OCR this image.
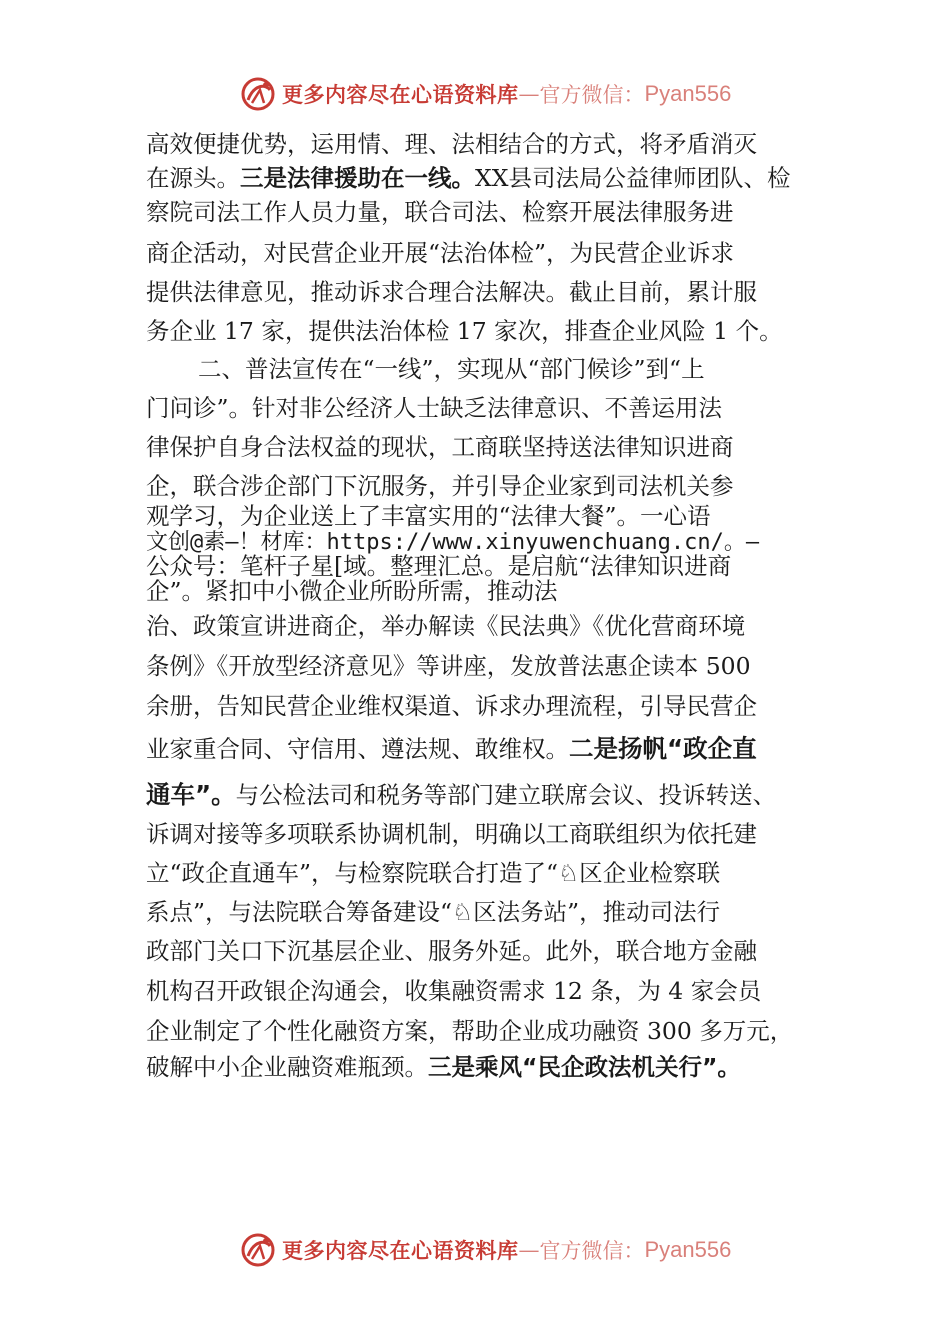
更多内容尽在心语资料库 — 官方微信： Pyan556
高效便捷优势，运用情、理、法相结合的方式，将矛盾消灭
在源头。三是法律援助在一线。XX县司法局公益律师团队、检
察院司法工作人员力量，联合司法、检察开展法律服务进
商企活动，对民营企业开展“法治体检”，为民营企业诉求
提供法律意见，推动诉求合理合法解决。截止目前，累计服
务企业 17 家，提供法治体检 17 家次，排查企业风险 1 个。
二、普法宣传在“一线”，实现从“部门候诊”到“上
门问诊”。针对非公经济人士缺乏法律意识、不善运用法
律保护自身合法权益的现状，工商联坚持送法律知识进商
企，联合涉企部门下沉服务，并引导企业家到司法机关参
观学习，为企业送上了丰富实用的“法律大餐”。一心语
文创@素—！材库：https://www.xinyuwenchuang.cn/。—
公众号：笔杆子星[域。整理汇总。是启航“法律知识进商
企”。紧扣中小微企业所盼所需，推动法
治、政策宣讲进商企，举办解读《民法典》《优化营商环境
条例》《开放型经济意见》等讲座，发放普法惠企读本 500
余册，告知民营企业维权渠道、诉求办理流程，引导民营企
业家重合同、守信用、遵法规、敢维权。二是扬帆“政企直
通车”。与公检法司和税务等部门建立联席会议、投诉转送、
诉调对接等多项联系协调机制，明确以工商联组织为依托建
立“政企直通车”，与检察院联合打造了“♘区企业检察联
系点”，与法院联合筹备建设“♘区法务站”，推动司法行
政部门关口下沉基层企业、服务外延。此外，联合地方金融
机构召开政银企沟通会，收集融资需求 12 条，为 4 家会员
企业制定了个性化融资方案，帮助企业成功融资 300 多万元，
破解中小企业融资难瓶颈。三是乘风“民企政法机关行”。
更多内容尽在心语资料库 — 官方微信： Pyan556
